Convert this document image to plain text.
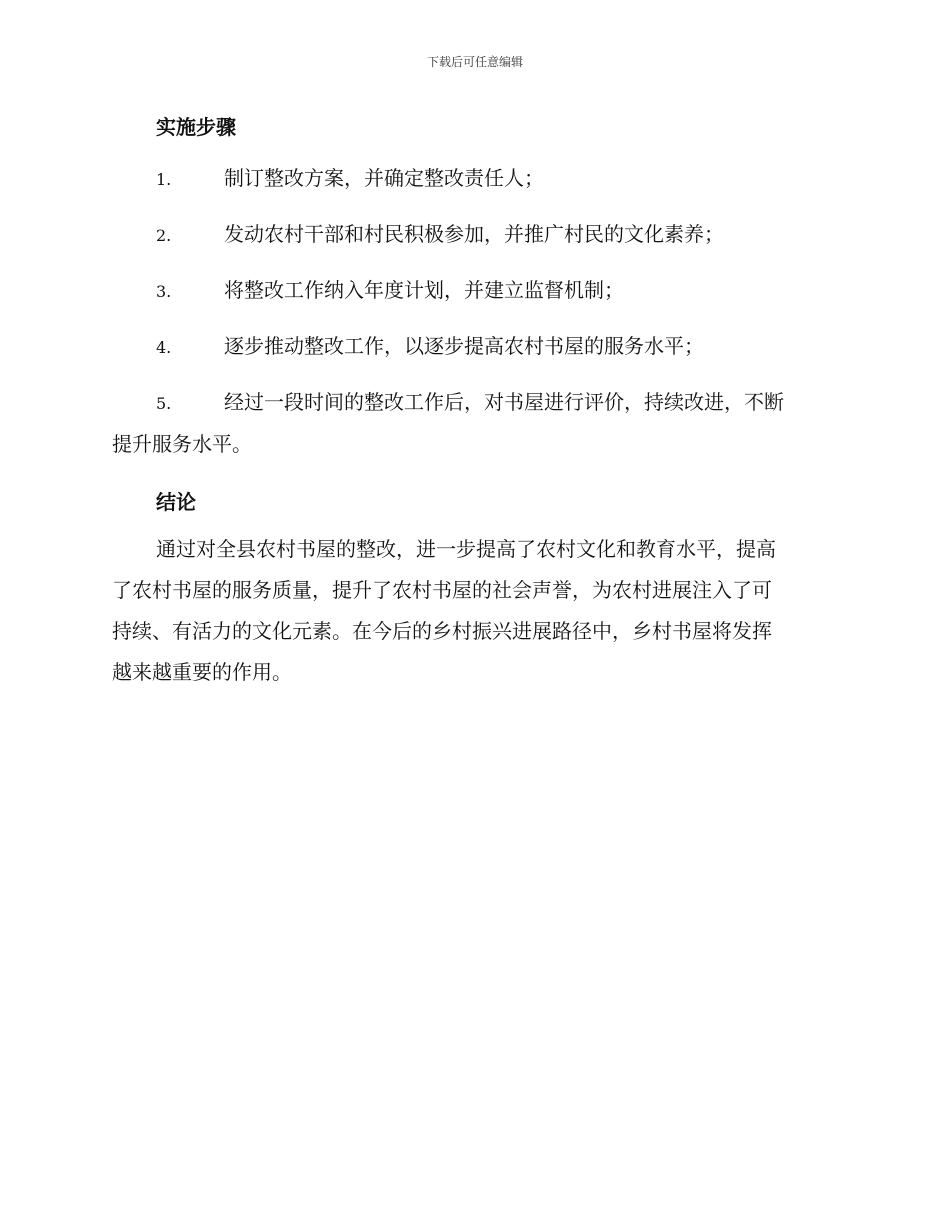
下载后可任意编辑
实施步骤
1.	制订整改方案，并确定整改责任人；
2.	发动农村干部和村民积极参加，并推广村民的文化素养；
3.	将整改工作纳入年度计划，并建立监督机制；
4.	逐步推动整改工作，以逐步提高农村书屋的服务水平；
5.	经过一段时间的整改工作后，对书屋进行评价，持续改进，不断
提升服务水平。
结论

通过对全县农村书屋的整改，进一步提高了农村文化和教育水平，提高
了农村书屋的服务质量，提升了农村书屋的社会声誉，为农村进展注入了可
持续、有活力的文化元素。在今后的乡村振兴进展路径中，乡村书屋将发挥
越来越重要的作用。
